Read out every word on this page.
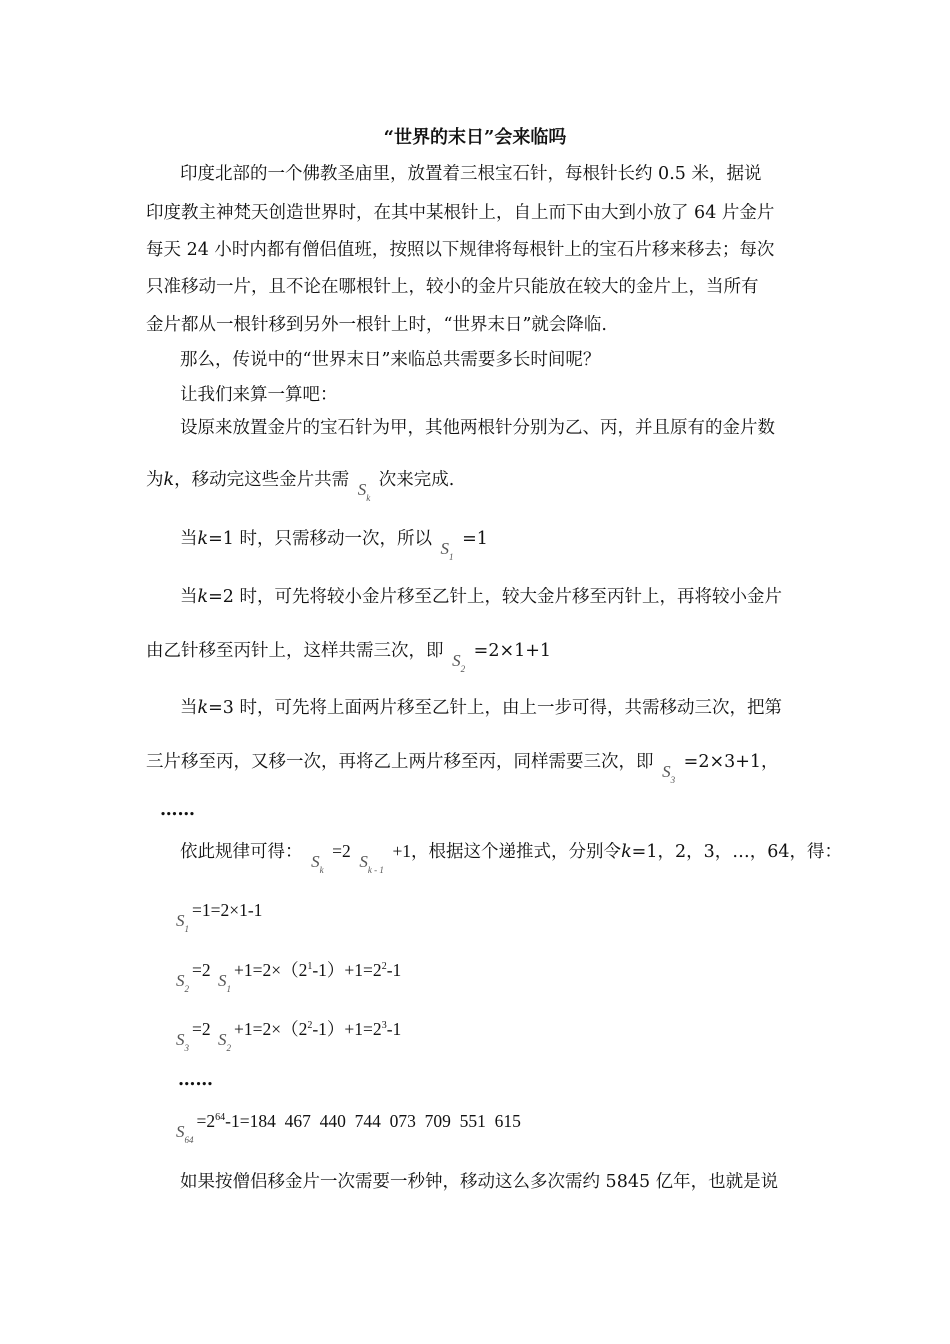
“世界的末日”会来临吗
印度北部的一个佛教圣庙里，放置着三根宝石针，每根针长约 0.5 米，据说
印度教主神梵天创造世界时，在其中某根针上，自上而下由大到小放了 64 片金片
每天 24 小时内都有僧侣值班，按照以下规律将每根针上的宝石片移来移去；每次
只准移动一片，且不论在哪根针上，较小的金片只能放在较大的金片上，当所有
金片都从一根针移到另外一根针上时，“世界末日”就会降临.
那么，传说中的“世界末日”来临总共需要多长时间呢？
让我们来算一算吧：
设原来放置金片的宝石针为甲，其他两根针分别为乙、丙，并且原有的金片数
为k，移动完这些金片共需 $S_k$ 次来完成.
当k=1 时，只需移动一次，所以 $S_1 =1$
当k=2 时，可先将较小金片移至乙针上，较大金片移至丙针上，再将较小金片
由乙针移至丙针上，这样共需三次，即 $S_2 =2\times 1+1$
当k=3 时，可先将上面两片移至乙针上，由上一步可得，共需移动三次，把第
三片移至丙，又移一次，再将乙上两片移至丙，同样需要三次，即 $S_3 =2\times 3+1$，
……
依此规律可得： $S_k =2$ $S_{k - 1} +1$，根据这个递推式，分别令k=1，2，3，…，64，得：
$S_1=1=2\times 1-1$
$S_2=2$ $S_1+1=2\times(2^1-1)+1=2^2-1$
$S_3=2$ $S_2+1=2\times(2^2-1)+1=2^3-1$
……
$S_{64}=2^{64}-1=184$  467  440  744  073  709  551  615
如果按僧侣移金片一次需要一秒钟，移动这么多次需约 5845 亿年，也就是说
